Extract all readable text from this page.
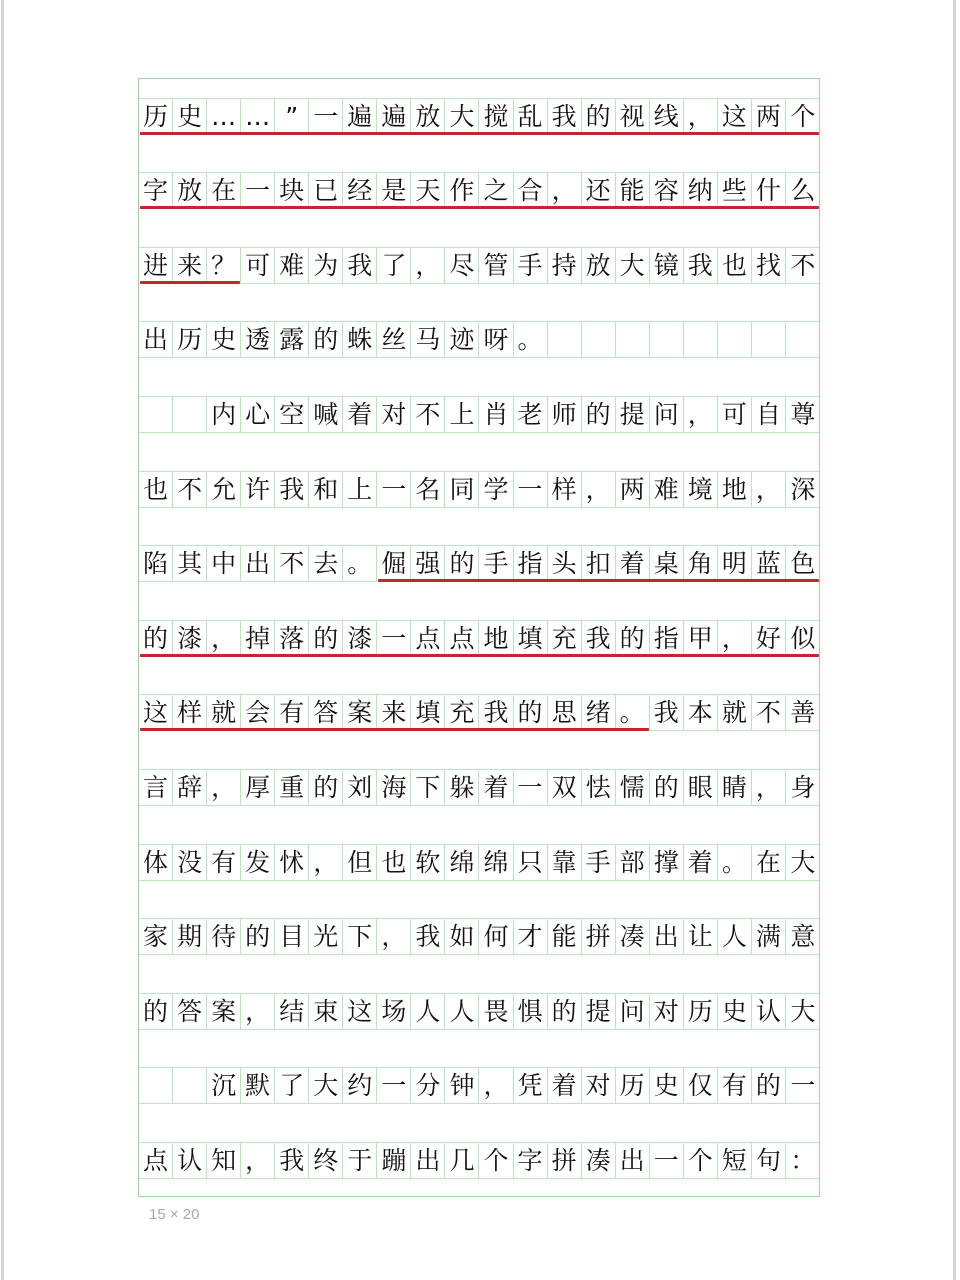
历 史 … … ” 一 遍 遍 放 大 搅 乱 我 的 视 线 ， 这 两 个
字 放 在 一 块 已 经 是 天 作 之 合 ， 还 能 容 纳 些 什 么
进 来 ？ 可 难 为 我 了 ， 尽 管 手 持 放 大 镜 我 也 找 不
出 历 史 透 露 的 蛛 丝 马 迹 呀 。
内 心 空 喊 着 对 不 上 肖 老 师 的 提 问 ， 可 自 尊
也 不 允 许 我 和 上 一 名 同 学 一 样 ， 两 难 境 地 ， 深
陷 其 中 出 不 去 。 倔 强 的 手 指 头 扣 着 桌 角 明 蓝 色
的 漆 ， 掉 落 的 漆 一 点 点 地 填 充 我 的 指 甲 ， 好 似
这 样 就 会 有 答 案 来 填 充 我 的 思 绪 。 我 本 就 不 善
言 辞 ， 厚 重 的 刘 海 下 躲 着 一 双 怯 懦 的 眼 睛 ， 身
体 没 有 发 怵 ， 但 也 软 绵 绵 只 靠 手 部 撑 着 。 在 大
家 期 待 的 目 光 下 ， 我 如 何 才 能 拼 凑 出 让 人 满 意
的 答 案 ， 结 束 这 场 人 人 畏 惧 的 提 问 对 历 史 认 大
沉 默 了 大 约 一 分 钟 ， 凭 着 对 历 史 仅 有 的 一
点 认 知 ， 我 终 于 蹦 出 几 个 字 拼 凑 出 一 个 短 句 ：
15 × 20
